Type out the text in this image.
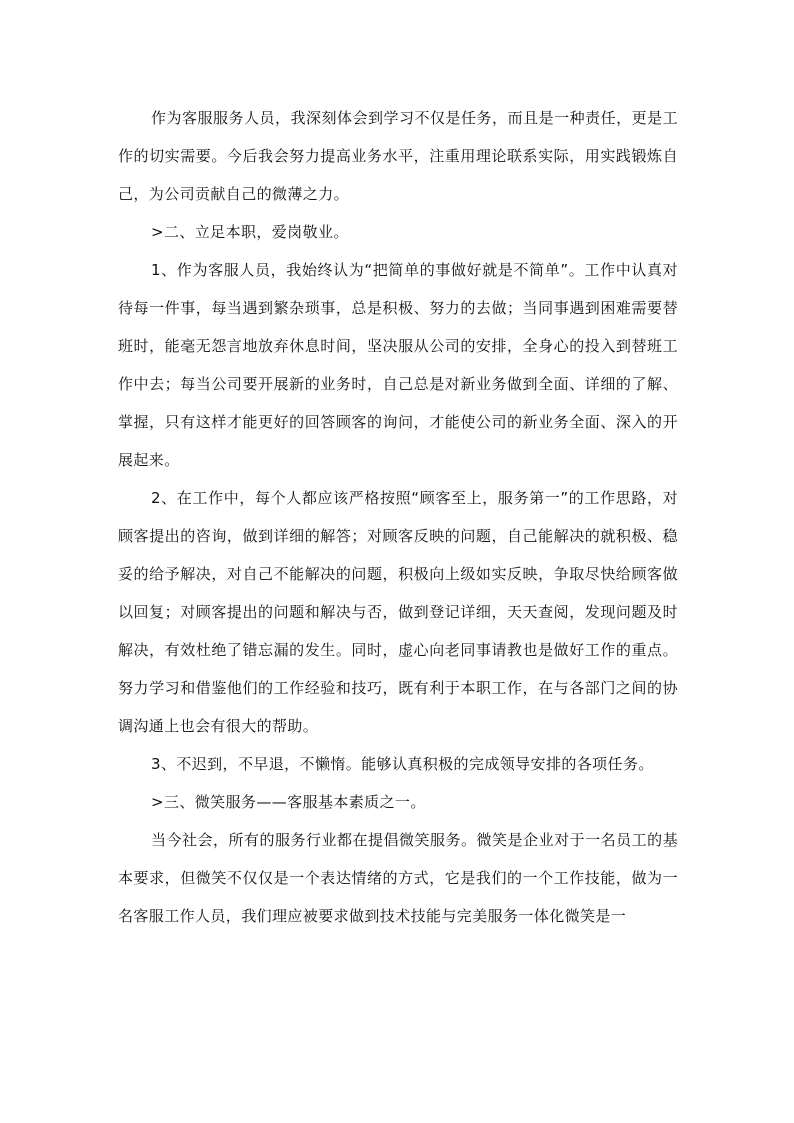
作为客服服务人员，我深刻体会到学习不仅是任务，而且是一种责任，更是工作的切实需要。今后我会努力提高业务水平，注重用理论联系实际，用实践锻炼自己，为公司贡献自己的微薄之力。

>二、立足本职，爱岗敬业。

1、作为客服人员，我始终认为“把简单的事做好就是不简单”。工作中认真对待每一件事，每当遇到繁杂琐事，总是积极、努力的去做；当同事遇到困难需要替班时，能毫无怨言地放弃休息时间，坚决服从公司的安排，全身心的投入到替班工作中去；每当公司要开展新的业务时，自己总是对新业务做到全面、详细的了解、掌握，只有这样才能更好的回答顾客的询问，才能使公司的新业务全面、深入的开展起来。

2、在工作中，每个人都应该严格按照“顾客至上，服务第一”的工作思路，对顾客提出的咨询，做到详细的解答；对顾客反映的问题，自己能解决的就积极、稳妥的给予解决，对自己不能解决的问题，积极向上级如实反映，争取尽快给顾客做以回复；对顾客提出的问题和解决与否，做到登记详细，天天查阅，发现问题及时解决，有效杜绝了错忘漏的发生。同时，虚心向老同事请教也是做好工作的重点。努力学习和借鉴他们的工作经验和技巧，既有利于本职工作，在与各部门之间的协调沟通上也会有很大的帮助。

3、不迟到，不早退，不懒惰。能够认真积极的完成领导安排的各项任务。

>三、微笑服务——客服基本素质之一。

当今社会，所有的服务行业都在提倡微笑服务。微笑是企业对于一名员工的基本要求，但微笑不仅仅是一个表达情绪的方式，它是我们的一个工作技能，做为一名客服工作人员，我们理应被要求做到技术技能与完美服务一体化微笑是一
